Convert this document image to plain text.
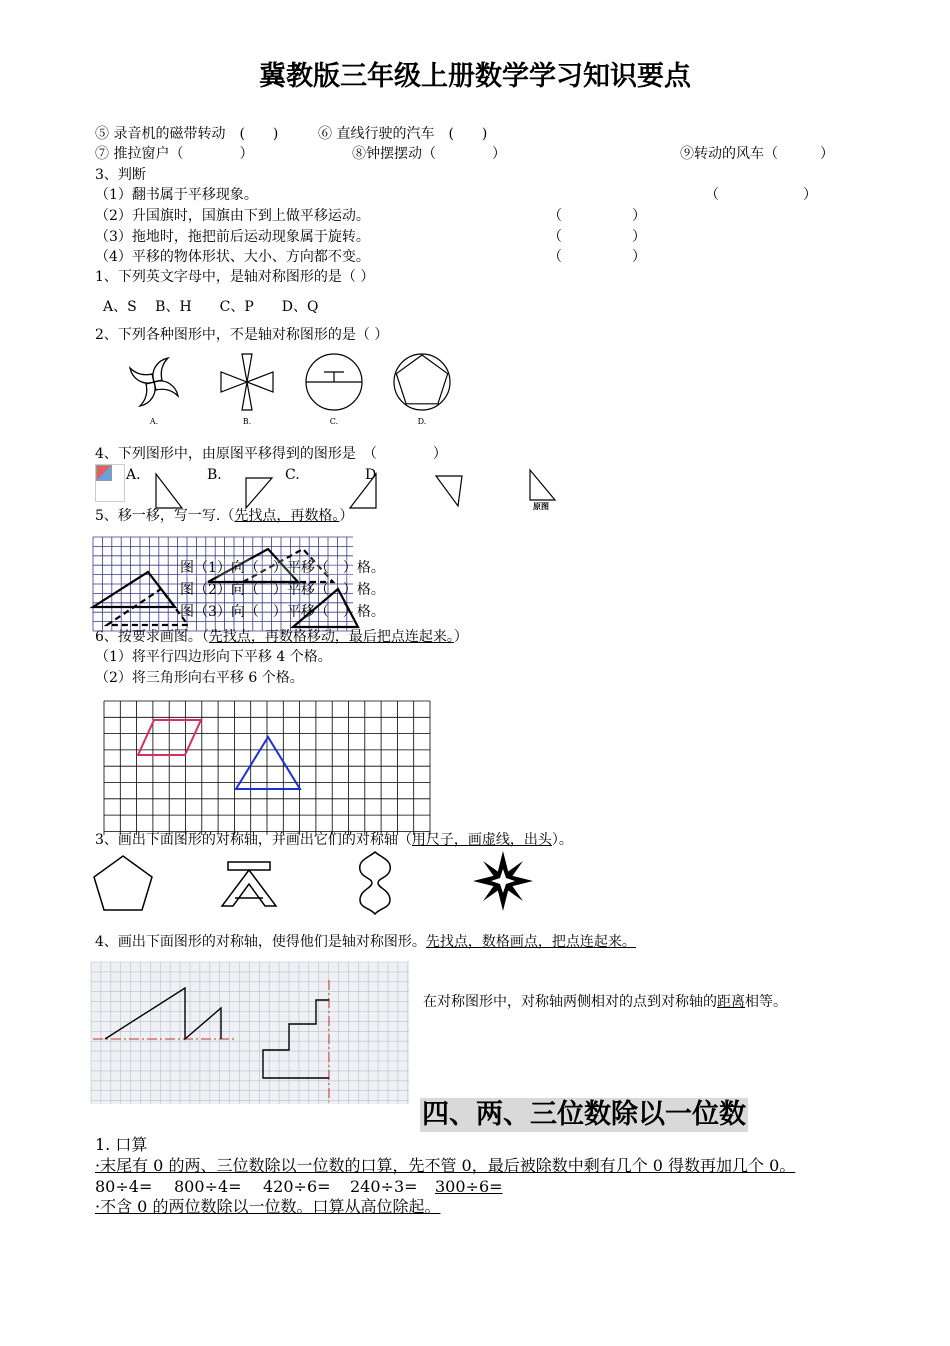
冀教版三年级上册数学学习知识要点
⑤ 录音机的磁带转动　(　　)	⑥ 直线行驶的汽车　(　　)
⑦ 推拉窗户（　　　　）	⑧钟摆摆动（　　　　）	⑨转动的风车（　　　）
3、判断
（1）翻书属于平移现象。	（　　　　　　）
（2）升国旗时，国旗由下到上做平移运动。	（　　　　　）
（3）拖地时，拖把前后运动现象属于旋转。	（　　　　　）
（4）平移的物体形状、大小、方向都不变。	（　　　　　）
1、下列英文字母中，是轴对称图形的是（ ）
A、S　 B、H　　C、P　　D、Q
2、下列各种图形中，不是轴对称图形的是（ ）
A.	B.	C.	D.
4、下列图形中，由原图平移得到的图形是　（　　　　）
A.	B.	C.	D
原图
5、移一移，写一写.（先找点，再数格。）
图（1）向（　）平移（　）格。
图（2）向（　）平移（　）格。
图（3）向（　）平移（　）格。
6、按要求画图。（先找点，再数格移动，最后把点连起来。）
（1）将平行四边形向下平移 4 个格。
（2）将三角形向右平移 6 个格。
3、画出下面图形的对称轴，并画出它们的对称轴（用尺子，画虚线，出头）。
4、画出下面图形的对称轴，使得他们是轴对称图形。先找点，数格画点，把点连起来。
在对称图形中，对称轴两侧相对的点到对称轴的距离相等。
四、两、三位数除以一位数
1. 口算
·末尾有 0 的两、三位数除以一位数的口算，先不管 0，最后被除数中剩有几个 0 得数再加几个 0。
80÷4= 800÷4= 420÷6= 240÷3= 300÷6=
·不含 0 的两位数除以一位数。口算从高位除起。
